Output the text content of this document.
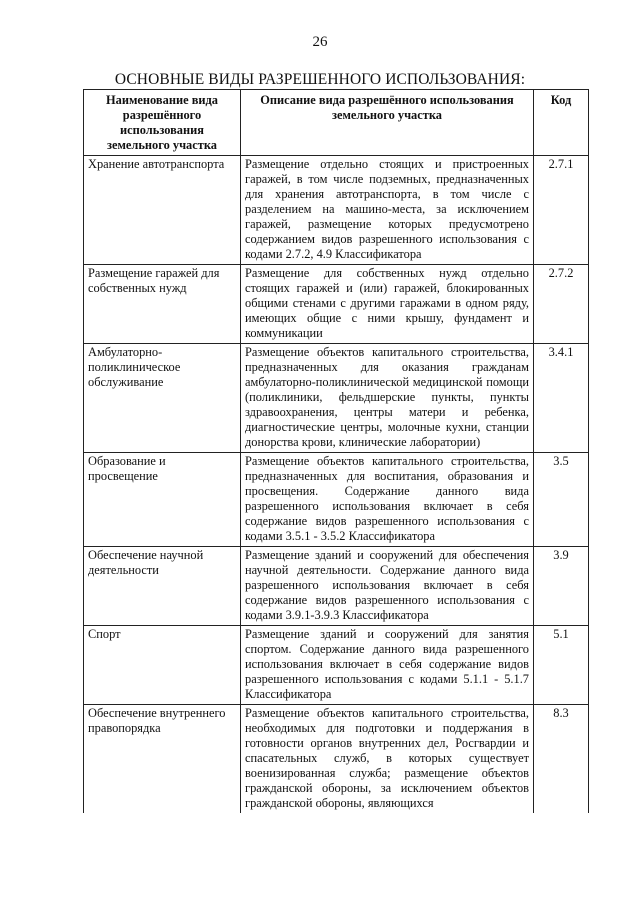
26
ОСНОВНЫЕ ВИДЫ РАЗРЕШЕННОГО ИСПОЛЬЗОВАНИЯ:
Наименование вида разрешённого использования земельного участка	Описание вида разрешённого использования земельного участка	Код
Хранение автотранспорта	Размещение отдельно стоящих и пристроенных гаражей, в том числе подземных, предназначенных для хранения автотранспорта, в том числе с разделением на машино-места, за исключением гаражей, размещение которых предусмотрено содержанием видов разрешенного использования с кодами 2.7.2, 4.9 Классификатора	2.7.1
Размещение гаражей для собственных нужд	Размещение для собственных нужд отдельно стоящих гаражей и (или) гаражей, блокированных общими стенами с другими гаражами в одном ряду, имеющих общие с ними крышу, фундамент и коммуникации	2.7.2
Амбулаторно-поликлиническое обслуживание	Размещение объектов капитального строительства, предназначенных для оказания гражданам амбулаторно-поликлинической медицинской помощи (поликлиники, фельдшерские пункты, пункты здравоохранения, центры матери и ребенка, диагностические центры, молочные кухни, станции донорства крови, клинические лаборатории)	3.4.1
Образование и просвещение	Размещение объектов капитального строительства, предназначенных для воспитания, образования и просвещения. Содержание данного вида разрешенного использования включает в себя содержание видов разрешенного использования с кодами 3.5.1 - 3.5.2 Классификатора	3.5
Обеспечение научной деятельности	Размещение зданий и сооружений для обеспечения научной деятельности. Содержание данного вида разрешенного использования включает в себя содержание видов разрешенного использования с кодами 3.9.1-3.9.3 Классификатора	3.9
Спорт	Размещение зданий и сооружений для занятия спортом. Содержание данного вида разрешенного использования включает в себя содержание видов разрешенного использования с кодами 5.1.1 - 5.1.7 Классификатора	5.1
Обеспечение внутреннего правопорядка	Размещение объектов капитального строительства, необходимых для подготовки и поддержания в готовности органов внутренних дел, Росгвардии и спасательных служб, в которых существует военизированная служба; размещение объектов гражданской обороны, за исключением объектов гражданской обороны, являющихся	8.3
